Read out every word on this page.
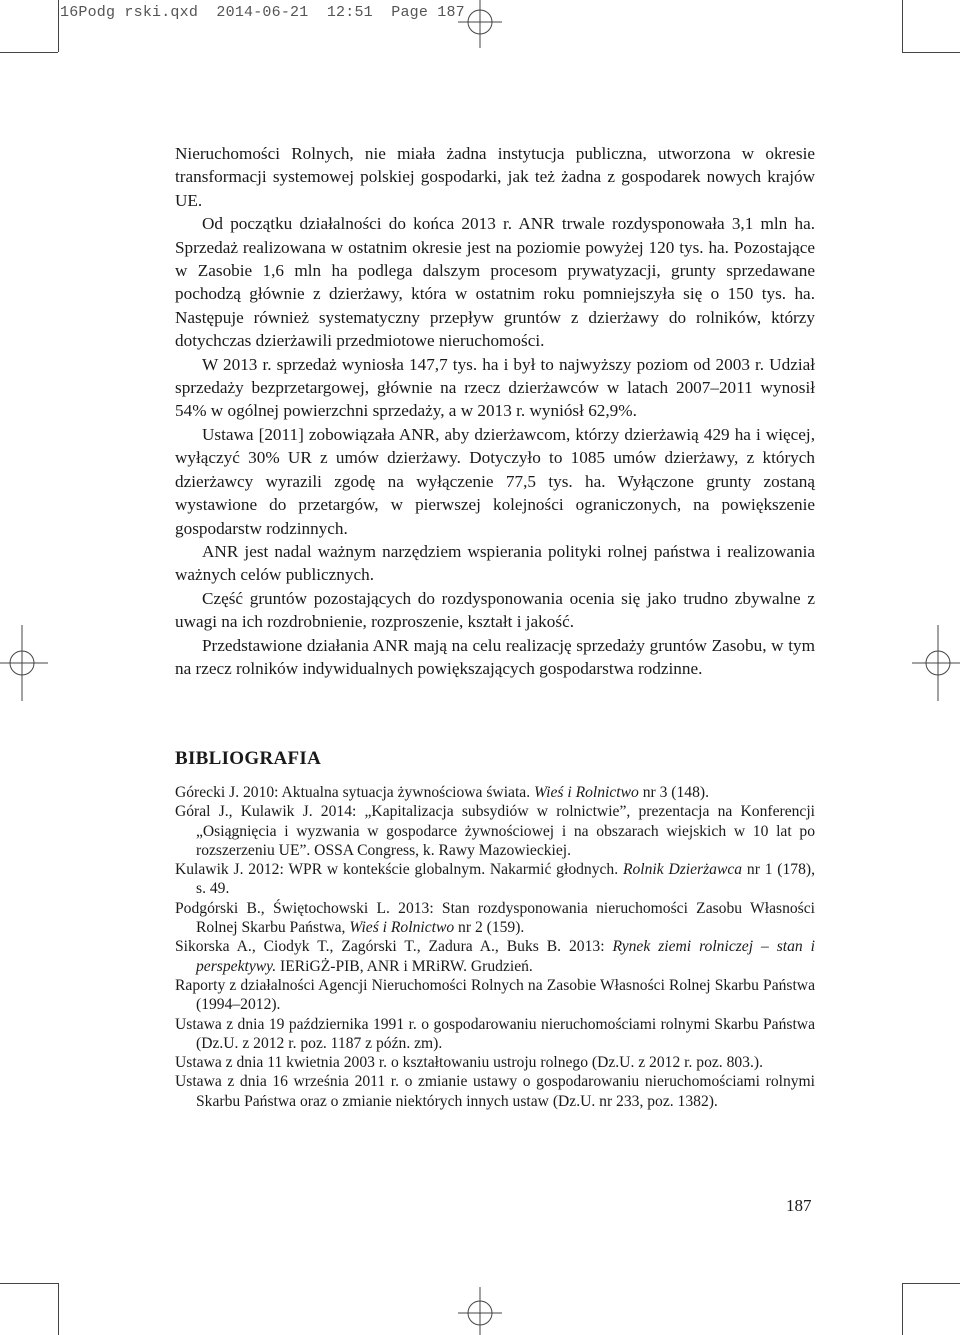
16Podg rski.qxd  2014-06-21  12:51  Page 187

Nieruchomości Rolnych, nie miała żadna instytucja publiczna, utworzona w okresie transformacji systemowej polskiej gospodarki, jak też żadna z gospodarek nowych krajów UE.

Od początku działalności do końca 2013 r. ANR trwale rozdysponowała 3,1 mln ha. Sprzedaż realizowana w ostatnim okresie jest na poziomie powyżej 120 tys. ha. Pozostające w Zasobie 1,6 mln ha podlega dalszym procesom prywatyzacji, grunty sprzedawane pochodzą głównie z dzierżawy, która w ostatnim roku pomniejszyła się o 150 tys. ha. Następuje również systematyczny przepływ gruntów z dzierżawy do rolników, którzy dotychczas dzierżawili przedmiotowe nieruchomości.

W 2013 r. sprzedaż wyniosła 147,7 tys. ha i był to najwyższy poziom od 2003 r. Udział sprzedaży bezprzetargowej, głównie na rzecz dzierżawców w latach 2007–2011 wynosił 54% w ogólnej powierzchni sprzedaży, a w 2013 r. wyniósł 62,9%.

Ustawa [2011] zobowiązała ANR, aby dzierżawcom, którzy dzierżawią 429 ha i więcej, wyłączyć 30% UR z umów dzierżawy. Dotyczyło to 1085 umów dzierżawy, z których dzierżawcy wyrazili zgodę na wyłączenie 77,5 tys. ha. Wyłączone grunty zostaną wystawione do przetargów, w pierwszej kolejności ograniczonych, na powiększenie gospodarstw rodzinnych.

ANR jest nadal ważnym narzędziem wspierania polityki rolnej państwa i realizowania ważnych celów publicznych.

Część gruntów pozostających do rozdysponowania ocenia się jako trudno zbywalne z uwagi na ich rozdrobnienie, rozproszenie, kształt i jakość.

Przedstawione działania ANR mają na celu realizację sprzedaży gruntów Zasobu, w tym na rzecz rolników indywidualnych powiększających gospodarstwa rodzinne.

BIBLIOGRAFIA

Górecki J. 2010: Aktualna sytuacja żywnościowa świata. Wieś i Rolnictwo nr 3 (148).

Góral J., Kulawik J. 2014: „Kapitalizacja subsydiów w rolnictwie”, prezentacja na Konferencji „Osiągnięcia i wyzwania w gospodarce żywnościowej i na obszarach wiejskich w 10 lat po rozszerzeniu UE”. OSSA Congress, k. Rawy Mazowieckiej.

Kulawik J. 2012: WPR w kontekście globalnym. Nakarmić głodnych. Rolnik Dzierżawca nr 1 (178), s. 49.

Podgórski B., Świętochowski L. 2013: Stan rozdysponowania nieruchomości Zasobu Własności Rolnej Skarbu Państwa, Wieś i Rolnictwo nr 2 (159).

Sikorska A., Ciodyk T., Zagórski T., Zadura A., Buks B. 2013: Rynek ziemi rolniczej – stan i perspektywy. IERiGŻ-PIB, ANR i MRiRW. Grudzień.

Raporty z działalności Agencji Nieruchomości Rolnych na Zasobie Własności Rolnej Skarbu Państwa (1994–2012).

Ustawa z dnia 19 października 1991 r. o gospodarowaniu nieruchomościami rolnymi Skarbu Państwa (Dz.U. z 2012 r. poz. 1187 z późn. zm).

Ustawa z dnia 11 kwietnia 2003 r. o kształtowaniu ustroju rolnego (Dz.U. z 2012 r. poz. 803.).

Ustawa z dnia 16 września 2011 r. o zmianie ustawy o gospodarowaniu nieruchomościami rolnymi Skarbu Państwa oraz o zmianie niektórych innych ustaw (Dz.U. nr 233, poz. 1382).

187
